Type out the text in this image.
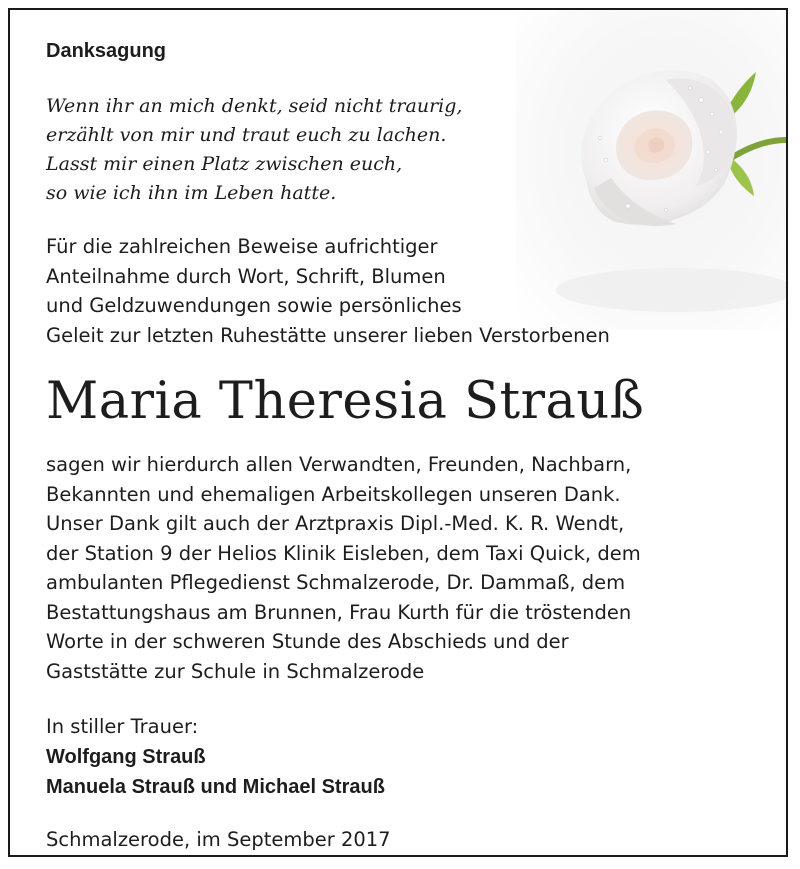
Danksagung
Wenn ihr an mich denkt, seid nicht traurig,
erzählt von mir und traut euch zu lachen.
Lasst mir einen Platz zwischen euch,
so wie ich ihn im Leben hatte.
Für die zahlreichen Beweise aufrichtiger
Anteilnahme durch Wort, Schrift, Blumen
und Geldzuwendungen sowie persönliches
Geleit zur letzten Ruhestätte unserer lieben Verstorbenen
Maria Theresia Strauß
sagen wir hierdurch allen Verwandten, Freunden, Nachbarn,
Bekannten und ehemaligen Arbeitskollegen unseren Dank.
Unser Dank gilt auch der Arztpraxis Dipl.-Med. K. R. Wendt,
der Station 9 der Helios Klinik Eisleben, dem Taxi Quick, dem
ambulanten Pflegedienst Schmalzerode, Dr. Dammaß, dem
Bestattungshaus am Brunnen, Frau Kurth für die tröstenden
Worte in der schweren Stunde des Abschieds und der
Gaststätte zur Schule in Schmalzerode
In stiller Trauer:
Wolfgang Strauß
Manuela Strauß und Michael Strauß
Schmalzerode, im September 2017
